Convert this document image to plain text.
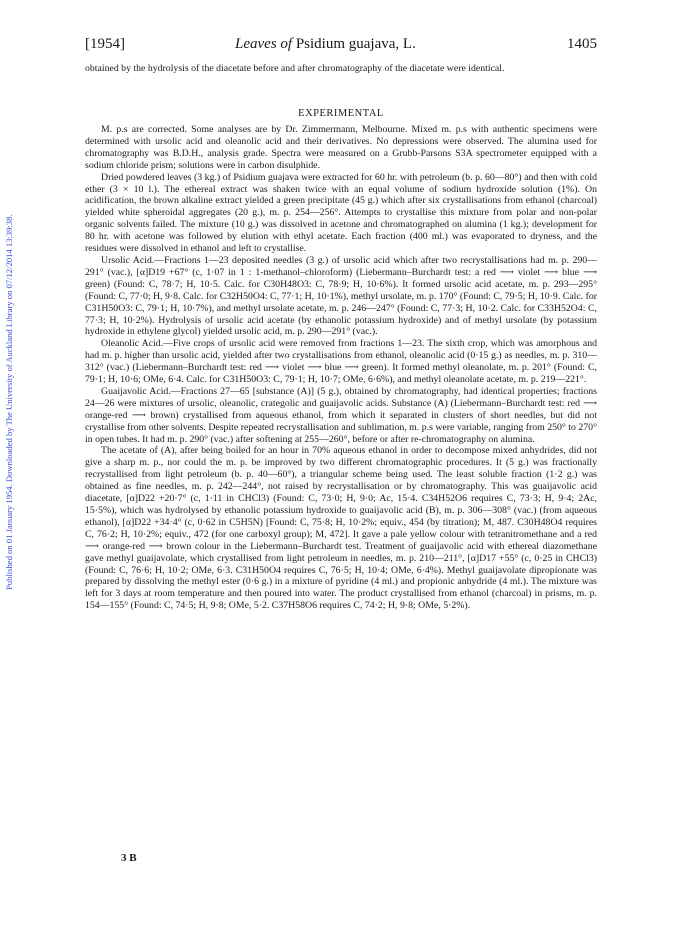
Published on 01 January 1954. Downloaded by The University of Auckland Library on 07/12/2014 13:39:38.
[1954]	Leaves of Psidium guajava, L.	1405

obtained by the hydrolysis of the diacetate before and after chromatography of the diacetate were identical.

EXPERIMENTAL

M. p.s are corrected. Some analyses are by Dr. Zimmermann, Melbourne. Mixed m. p.s with authentic specimens were determined with ursolic acid and oleanolic acid and their derivatives. No depressions were observed. The alumina used for chromatography was B.D.H., analysis grade. Spectra were measured on a Grubb-Parsons S3A spectrometer equipped with a sodium chloride prism; solutions were in carbon disulphide.

Dried powdered leaves (3 kg.) of Psidium guajava were extracted for 60 hr. with petroleum (b. p. 60—80°) and then with cold ether (3 × 10 l.). The ethereal extract was shaken twice with an equal volume of sodium hydroxide solution (1%). On acidification, the brown alkaline extract yielded a green precipitate (45 g.) which after six crystallisations from ethanol (charcoal) yielded white spheroidal aggregates (20 g.), m. p. 254—256°. Attempts to crystallise this mixture from polar and non-polar organic solvents failed. The mixture (10 g.) was dissolved in acetone and chromatographed on alumina (1 kg.); development for 80 hr. with acetone was followed by elution with ethyl acetate. Each fraction (400 ml.) was evaporated to dryness, and the residues were dissolved in ethanol and left to crystallise.

Ursolic Acid.—Fractions 1—23 deposited needles (3 g.) of ursolic acid which after two recrystallisations had m. p. 290—291° (vac.), [α]D19 +67° (c, 1·07 in 1 : 1-methanol–chloroform) (Liebermann–Burchardt test: a red ⟶ violet ⟶ blue ⟶ green) (Found: C, 78·7; H, 10·5. Calc. for C30H48O3: C, 78·9; H, 10·6%). It formed ursolic acid acetate, m. p. 293—295° (Found: C, 77·0; H, 9·8. Calc. for C32H50O4: C, 77·1; H, 10·1%), methyl ursolate, m. p. 170° (Found: C, 79·5; H, 10·9. Calc. for C31H50O3: C, 79·1; H, 10·7%), and methyl ursolate acetate, m. p. 246—247° (Found: C, 77·3; H, 10·2. Calc. for C33H52O4: C, 77·3; H, 10·2%). Hydrolysis of ursolic acid acetate (by ethanolic potassium hydroxide) and of methyl ursolate (by potassium hydroxide in ethylene glycol) yielded ursolic acid, m. p. 290—291° (vac.).

Oleanolic Acid.—Five crops of ursolic acid were removed from fractions 1—23. The sixth crop, which was amorphous and had m. p. higher than ursolic acid, yielded after two crystallisations from ethanol, oleanolic acid (0·15 g.) as needles, m. p. 310—312° (vac.) (Liebermann–Burchardt test: red ⟶ violet ⟶ blue ⟶ green). It formed methyl oleanolate, m. p. 201° (Found: C, 79·1; H, 10·6; OMe, 6·4. Calc. for C31H50O3: C, 79·1; H, 10·7; OMe, 6·6%), and methyl oleanolate acetate, m. p. 219—221°.

Guaijavolic Acid.—Fractions 27—65 [substance (A)] (5 g.), obtained by chromatography, had identical properties; fractions 24—26 were mixtures of ursolic, oleanolic, crategolic and guaijavolic acids. Substance (A) (Liebermann–Burchardt test: red ⟶ orange-red ⟶ brown) crystallised from aqueous ethanol, from which it separated in clusters of short needles, but did not crystallise from other solvents. Despite repeated recrystallisation and sublimation, m. p.s were variable, ranging from 250° to 270° in open tubes. It had m. p. 290° (vac.) after softening at 255—260°, before or after re-chromatography on alumina.

The acetate of (A), after being boiled for an hour in 70% aqueous ethanol in order to decompose mixed anhydrides, did not give a sharp m. p., nor could the m. p. be improved by two different chromatographic procedures. It (5 g.) was fractionally recrystallised from light petroleum (b. p. 40—60°), a triangular scheme being used. The least soluble fraction (1·2 g.) was obtained as fine needles, m. p. 242—244°, not raised by recrystallisation or by chromatography. This was guaijavolic acid diacetate, [α]D22 +20·7° (c, 1·11 in CHCl3) (Found: C, 73·0; H, 9·0; Ac, 15·4. C34H52O6 requires C, 73·3; H, 9·4; 2Ac, 15·5%), which was hydrolysed by ethanolic potassium hydroxide to guaijavolic acid (B), m. p. 306—308° (vac.) (from aqueous ethanol), [α]D22 +34·4° (c, 0·62 in C5H5N) [Found: C, 75·8; H, 10·2%; equiv., 454 (by titration); M, 487. C30H48O4 requires C, 76·2; H, 10·2%; equiv., 472 (for one carboxyl group); M, 472]. It gave a pale yellow colour with tetranitromethane and a red ⟶ orange-red ⟶ brown colour in the Liebermann–Burchardt test. Treatment of guaijavolic acid with ethereal diazomethane gave methyl guaijavolate, which crystallised from light petroleum in needles, m. p. 210—211°, [α]D17 +55° (c, 0·25 in CHCl3) (Found: C, 76·6; H, 10·2; OMe, 6·3. C31H50O4 requires C, 76·5; H, 10·4; OMe, 6·4%). Methyl guaijavolate dipropionate was prepared by dissolving the methyl ester (0·6 g.) in a mixture of pyridine (4 ml.) and propionic anhydride (4 ml.). The mixture was left for 3 days at room temperature and then poured into water. The product crystallised from ethanol (charcoal) in prisms, m. p. 154—155° (Found: C, 74·5; H, 9·8; OMe, 5·2. C37H58O6 requires C, 74·2; H, 9·8; OMe, 5·2%).

3 B
